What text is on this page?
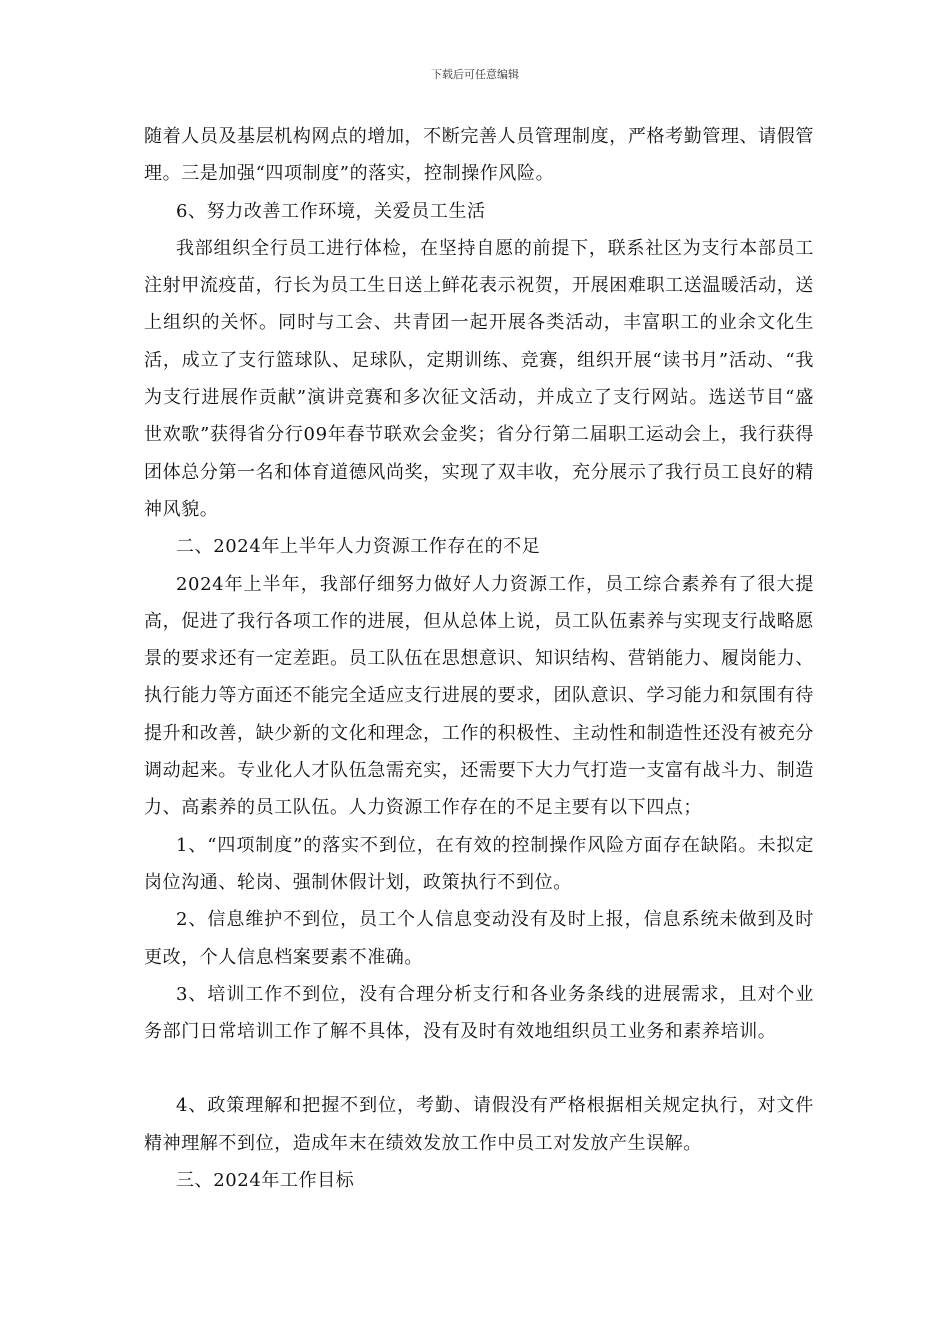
下载后可任意编辑

随着人员及基层机构网点的增加，不断完善人员管理制度，严格考勤管理、请假管理。三是加强“四项制度”的落实，控制操作风险。

6、努力改善工作环境，关爱员工生活

我部组织全行员工进行体检，在坚持自愿的前提下，联系社区为支行本部员工注射甲流疫苗，行长为员工生日送上鲜花表示祝贺，开展困难职工送温暖活动，送上组织的关怀。同时与工会、共青团一起开展各类活动，丰富职工的业余文化生活，成立了支行篮球队、足球队，定期训练、竞赛，组织开展“读书月”活动、“我为支行进展作贡献”演讲竞赛和多次征文活动，并成立了支行网站。选送节目“盛世欢歌”获得省分行09年春节联欢会金奖；省分行第二届职工运动会上，我行获得团体总分第一名和体育道德风尚奖，实现了双丰收，充分展示了我行员工良好的精神风貌。

二、2024年上半年人力资源工作存在的不足

2024年上半年，我部仔细努力做好人力资源工作，员工综合素养有了很大提高，促进了我行各项工作的进展，但从总体上说，员工队伍素养与实现支行战略愿景的要求还有一定差距。员工队伍在思想意识、知识结构、营销能力、履岗能力、执行能力等方面还不能完全适应支行进展的要求，团队意识、学习能力和氛围有待提升和改善，缺少新的文化和理念，工作的积极性、主动性和制造性还没有被充分调动起来。专业化人才队伍急需充实，还需要下大力气打造一支富有战斗力、制造力、高素养的员工队伍。人力资源工作存在的不足主要有以下四点；

1、“四项制度”的落实不到位，在有效的控制操作风险方面存在缺陷。未拟定岗位沟通、轮岗、强制休假计划，政策执行不到位。

2、信息维护不到位，员工个人信息变动没有及时上报，信息系统未做到及时更改，个人信息档案要素不准确。

3、培训工作不到位，没有合理分析支行和各业务条线的进展需求，且对个业务部门日常培训工作了解不具体，没有及时有效地组织员工业务和素养培训。

4、政策理解和把握不到位，考勤、请假没有严格根据相关规定执行，对文件精神理解不到位，造成年末在绩效发放工作中员工对发放产生误解。

三、2024年工作目标
